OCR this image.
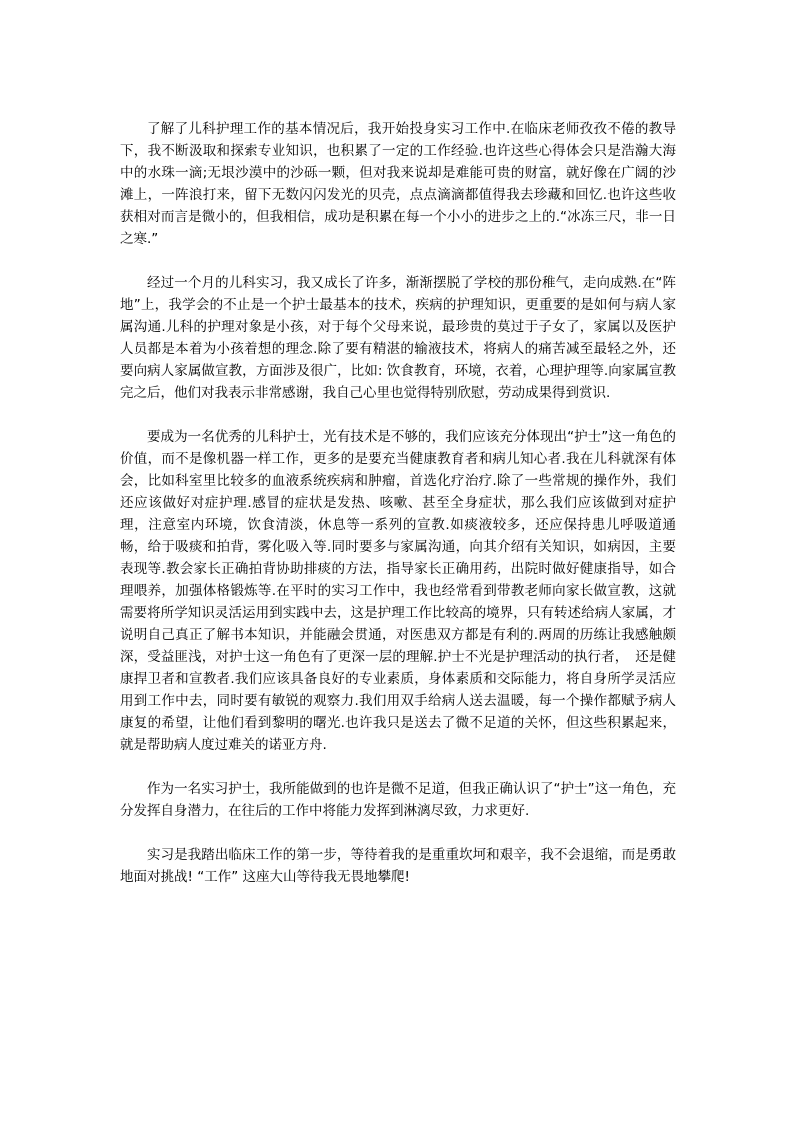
了解了儿科护理工作的基本情况后，我开始投身实习工作中.在临床老师孜孜不倦的教导下，我不断汲取和探索专业知识，也积累了一定的工作经验.也许这些心得体会只是浩瀚大海中的水珠一滴;无垠沙漠中的沙砾一颗，但对我来说却是难能可贵的财富，就好像在广阔的沙滩上，一阵浪打来，留下无数闪闪发光的贝壳，点点滴滴都值得我去珍藏和回忆.也许这些收获相对而言是微小的，但我相信，成功是积累在每一个小小的进步之上的.“冰冻三尺，非一日之寒.”

经过一个月的儿科实习，我又成长了许多，渐渐摆脱了学校的那份稚气，走向成熟.在“阵地”上，我学会的不止是一个护士最基本的技术，疾病的护理知识，更重要的是如何与病人家属沟通.儿科的护理对象是小孩，对于每个父母来说，最珍贵的莫过于子女了，家属以及医护人员都是本着为小孩着想的理念.除了要有精湛的输液技术，将病人的痛苦减至最轻之外，还要向病人家属做宣教，方面涉及很广，比如: 饮食教育，环境，衣着，心理护理等.向家属宣教完之后，他们对我表示非常感谢，我自己心里也觉得特别欣慰，劳动成果得到赏识.

要成为一名优秀的儿科护士，光有技术是不够的，我们应该充分体现出“护士”这一角色的价值，而不是像机器一样工作，更多的是要充当健康教育者和病儿知心者.我在儿科就深有体会，比如科室里比较多的血液系统疾病和肿瘤，首选化疗治疗.除了一些常规的操作外，我们还应该做好对症护理.感冒的症状是发热、咳嗽、甚至全身症状，那么我们应该做到对症护理，注意室内环境，饮食清淡，休息等一系列的宣教.如痰液较多，还应保持患儿呼吸道通畅，给于吸痰和拍背，雾化吸入等.同时要多与家属沟通，向其介绍有关知识，如病因，主要表现等.教会家长正确拍背协助排痰的方法，指导家长正确用药，出院时做好健康指导，如合理喂养，加强体格锻炼等.在平时的实习工作中，我也经常看到带教老师向家长做宣教，这就需要将所学知识灵活运用到实践中去，这是护理工作比较高的境界，只有转述给病人家属，才说明自己真正了解书本知识，并能融会贯通，对医患双方都是有利的.两周的历练让我感触颇深，受益匪浅，对护士这一角色有了更深一层的理解.护士不光是护理活动的执行者，　还是健康捍卫者和宣教者.我们应该具备良好的专业素质，身体素质和交际能力，将自身所学灵活应用到工作中去，同时要有敏锐的观察力.我们用双手给病人送去温暖，每一个操作都赋予病人康复的希望，让他们看到黎明的曙光.也许我只是送去了微不足道的关怀，但这些积累起来，就是帮助病人度过难关的诺亚方舟.

作为一名实习护士，我所能做到的也许是微不足道，但我正确认识了“护士”这一角色，充分发挥自身潜力，在往后的工作中将能力发挥到淋漓尽致，力求更好.

实习是我踏出临床工作的第一步，等待着我的是重重坎坷和艰辛，我不会退缩，而是勇敢地面对挑战! “工作” 这座大山等待我无畏地攀爬!
